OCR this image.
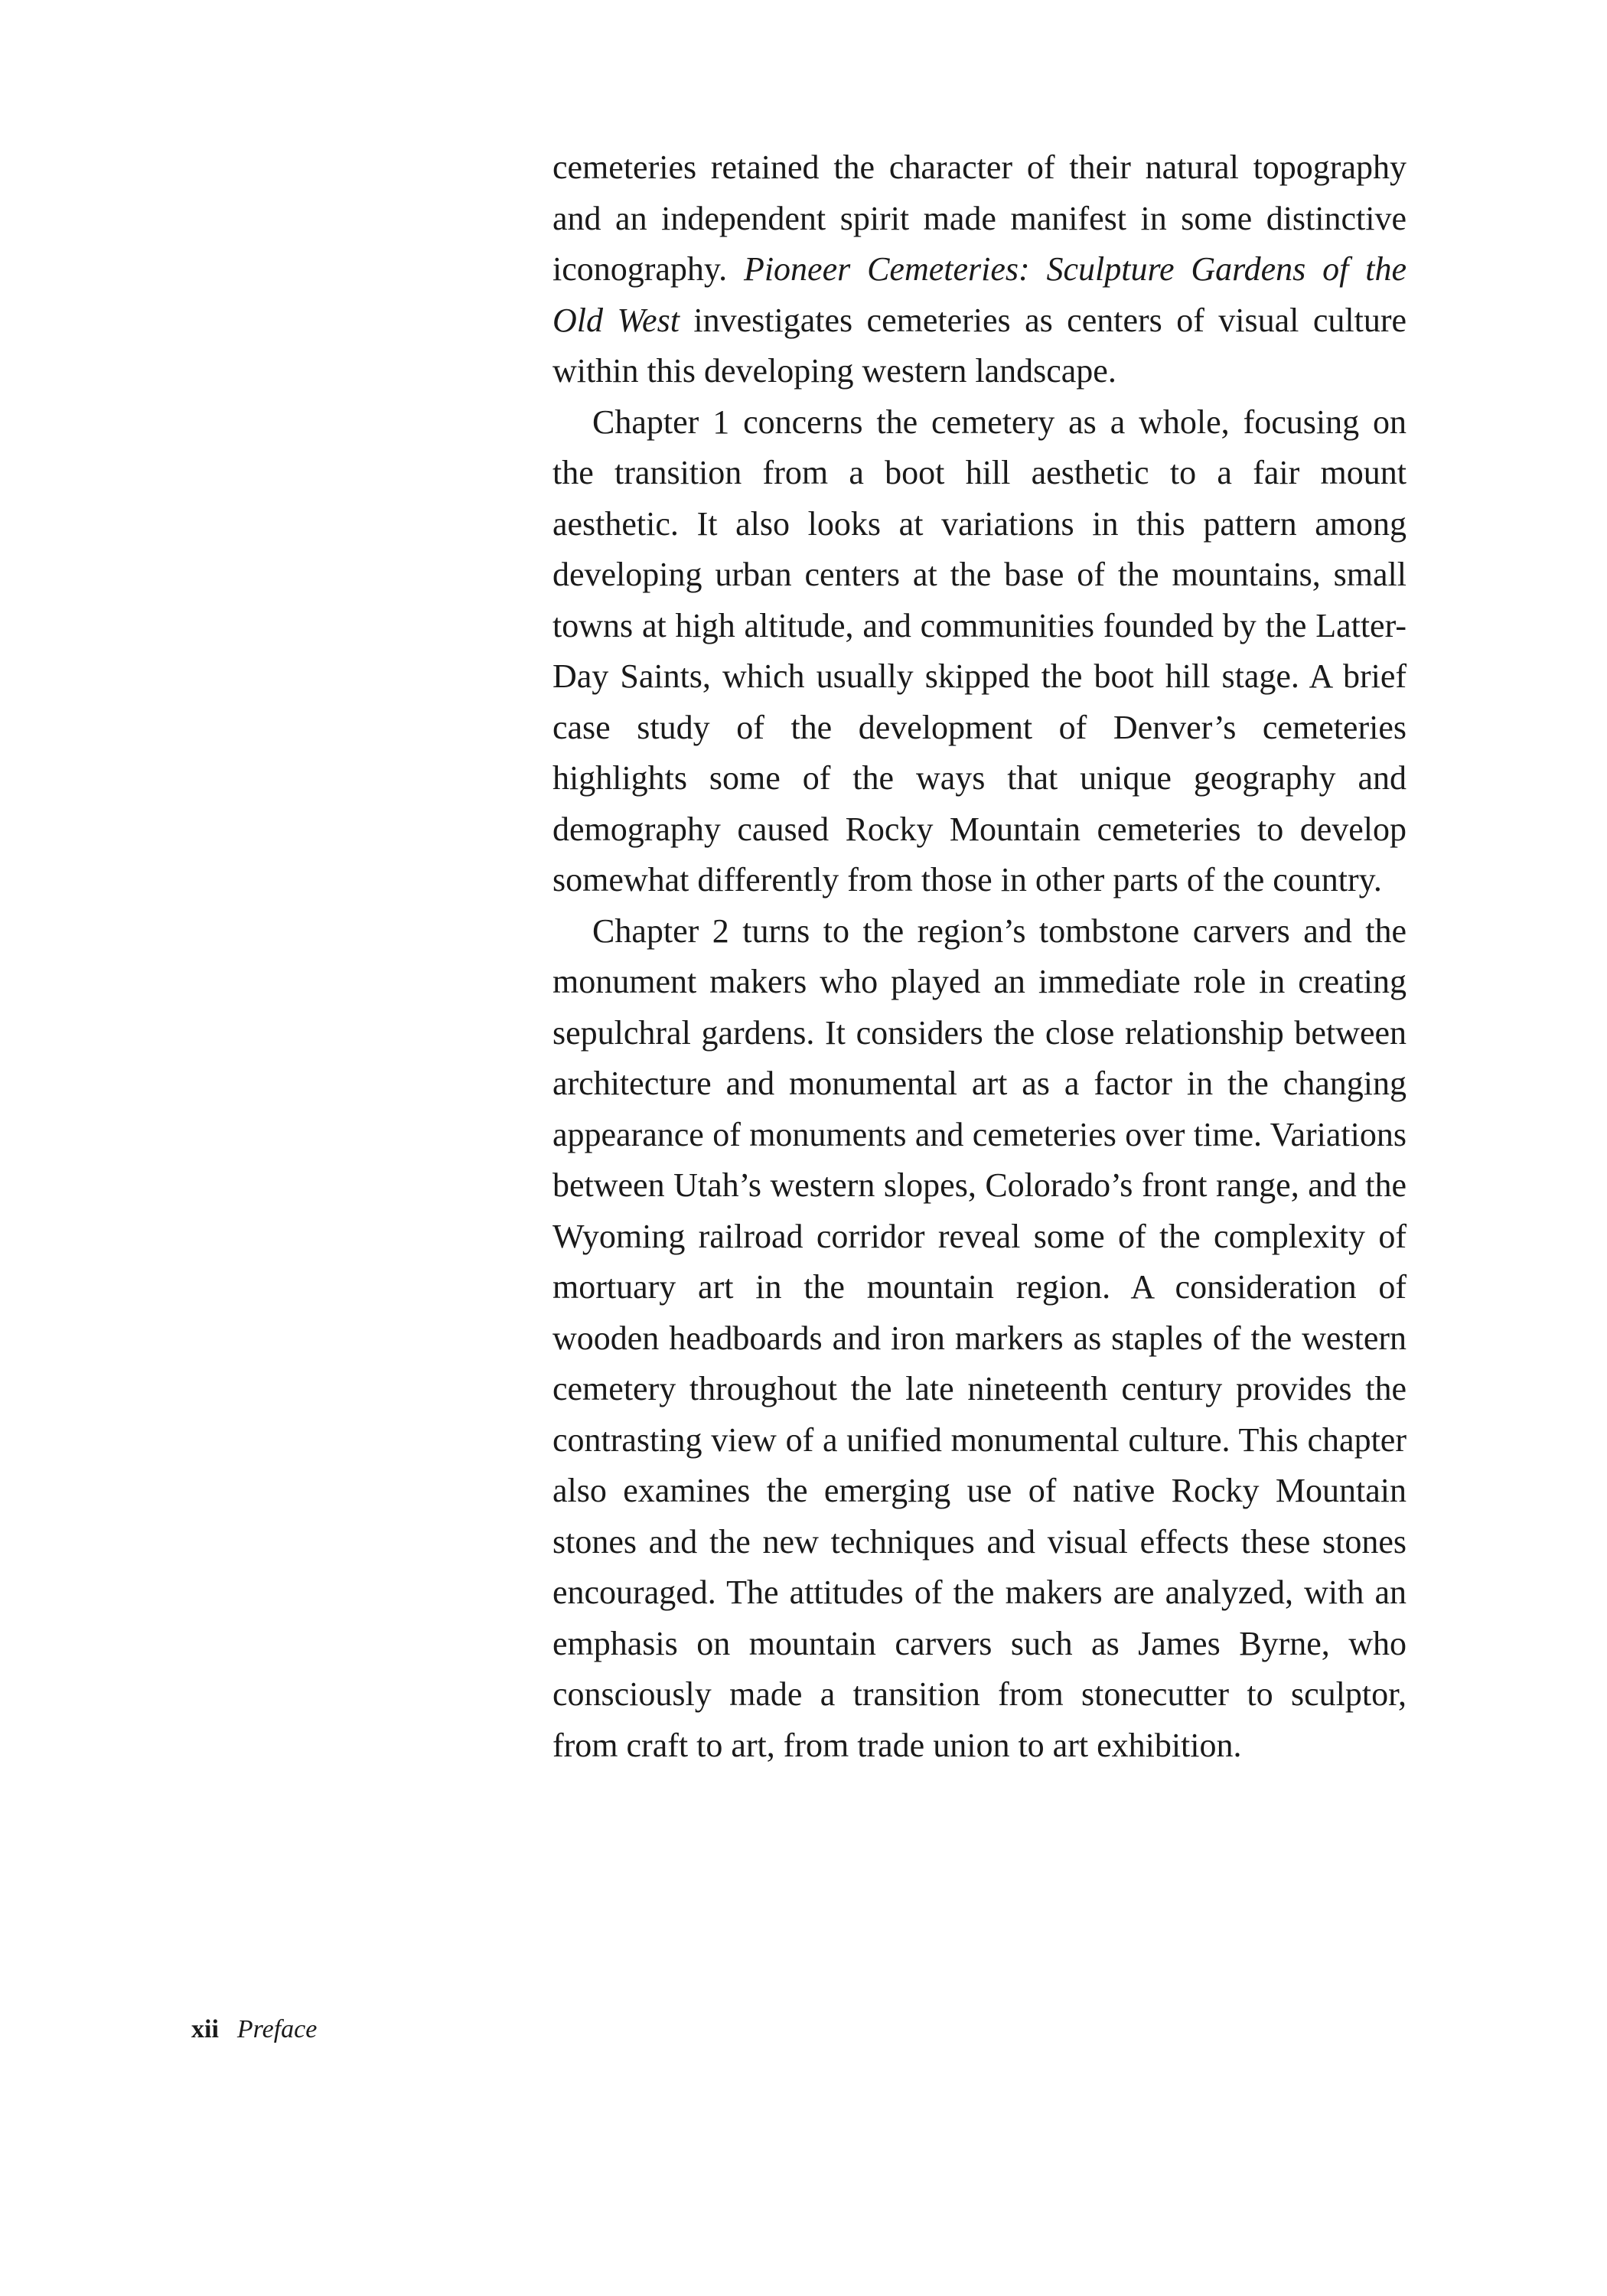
cemeteries retained the character of their natural topography and an independent spirit made manifest in some distinctive iconography. Pioneer Cemeteries: Sculpture Gardens of the Old West investigates cemeteries as centers of visual culture within this developing western landscape.

Chapter 1 concerns the cemetery as a whole, focusing on the transition from a boot hill aesthetic to a fair mount aesthetic. It also looks at variations in this pattern among developing urban centers at the base of the mountains, small towns at high altitude, and communities founded by the Latter-Day Saints, which usually skipped the boot hill stage. A brief case study of the development of Denver’s cemeteries highlights some of the ways that unique geography and demography caused Rocky Mountain cemeteries to develop somewhat differently from those in other parts of the country.

Chapter 2 turns to the region’s tombstone carvers and the monument makers who played an immediate role in creating sepulchral gardens. It considers the close relationship between architecture and monumental art as a factor in the changing appearance of monuments and cemeteries over time. Variations between Utah’s western slopes, Colorado’s front range, and the Wyoming railroad corridor reveal some of the complexity of mortuary art in the mountain region. A consideration of wooden headboards and iron markers as staples of the western cemetery throughout the late nineteenth century provides the contrasting view of a unified monumental culture. This chapter also examines the emerging use of native Rocky Mountain stones and the new techniques and visual effects these stones encouraged. The attitudes of the makers are analyzed, with an emphasis on mountain carvers such as James Byrne, who consciously made a transition from stonecutter to sculptor, from craft to art, from trade union to art exhibition.

xii Preface
